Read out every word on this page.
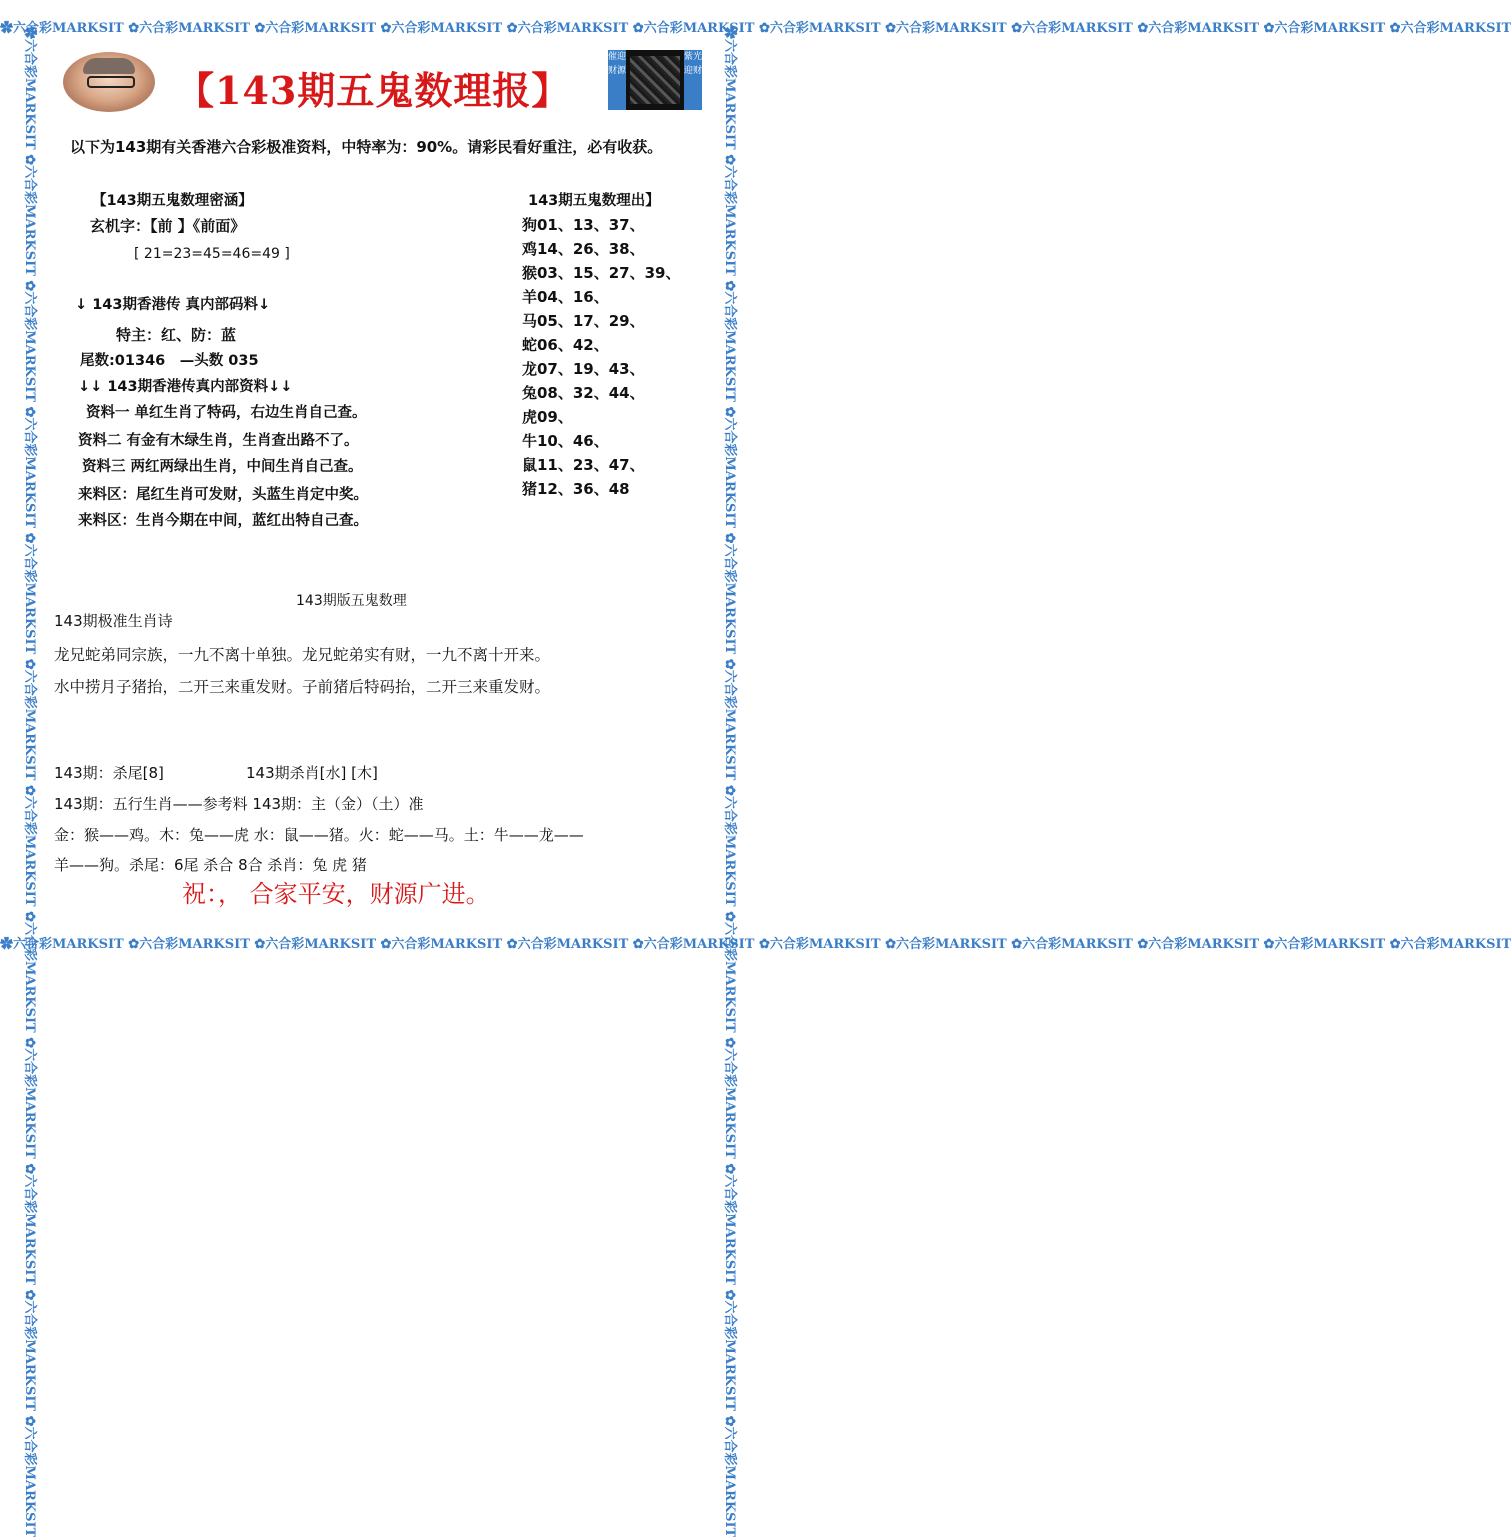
✿六合彩MARKSIT ✿六合彩MARKSIT ✿六合彩MARKSIT ✿六合彩MARKSIT ✿六合彩MARKSIT ✿六合彩MARKSIT ✿六合彩MARKSIT ✿六合彩MARKSIT ✿六合彩MARKSIT ✿六合彩MARKSIT ✿六合彩MARKSIT ✿六合彩MARKSIT
✿六合彩MARKSIT ✿六合彩MARKSIT ✿六合彩MARKSIT ✿六合彩MARKSIT ✿六合彩MARKSIT ✿六合彩MARKSIT ✿六合彩MARKSIT ✿六合彩MARKSIT ✿六合彩MARKSIT ✿六合彩MARKSIT ✿六合彩MARKSIT ✿六合彩MARKSIT
✿六合彩MARKSIT ✿六合彩MARKSIT ✿六合彩MARKSIT ✿六合彩MARKSIT ✿六合彩MARKSIT ✿六合彩MARKSIT ✿六合彩MARKSIT ✿六合彩MARKSIT ✿六合彩MARKSIT ✿六合彩MARKSIT ✿六合彩MARKSIT ✿六合彩MARKSIT	✿六合彩MARKSIT ✿六合彩MARKSIT ✿六合彩MARKSIT ✿六合彩MARKSIT ✿六合彩MARKSIT ✿六合彩MARKSIT ✿六合彩MARKSIT ✿六合彩MARKSIT ✿六合彩MARKSIT ✿六合彩MARKSIT ✿六合彩MARKSIT ✿六合彩MARKSIT
【143期五鬼数理报】
催迎财源
紫光迎财
以下为143期有关香港六合彩极准资料，中特率为：90%。请彩民看好重注，必有收获。
【143期五鬼数理密涵】
玄机字：【前 】《前面》
[ 21=23=45=46=49 ]
↓ 143期香港传 真内部码料↓
特主：红、防：蓝
尾数:01346　—头数 035
↓↓ 143期香港传真内部资料↓↓
资料一 单红生肖了特码，右边生肖自己查。
资料二 有金有木绿生肖，生肖查出路不了。
资料三 两红两绿出生肖，中间生肖自己查。
来料区：尾红生肖可发财，头蓝生肖定中奖。
来料区：生肖今期在中间，蓝红出特自己查。
143期五鬼数理出】
狗01、13、37、
鸡14、26、38、
猴03、15、27、39、
羊04、16、
马05、17、29、
蛇06、42、
龙07、19、43、
兔08、32、44、
虎09、
牛10、46、
鼠11、23、47、
猪12、36、48
143期版五鬼数理
143期极准生肖诗
龙兄蛇弟同宗族，一九不离十单独。龙兄蛇弟实有财，一九不离十开来。
水中捞月子猪抬，二开三来重发财。子前猪后特码抬，二开三来重发财。
143期：杀尾[8]	143期杀肖[水] [木]
143期：五行生肖——参考料 143期：主（金）（土）准
金：猴——鸡。木：兔——虎 水：鼠——猪。火：蛇——马。土：牛——龙——
羊——狗。杀尾：6尾 杀合 8合 杀肖：兔 虎 猪
祝：， 合家平安，财源广进。
